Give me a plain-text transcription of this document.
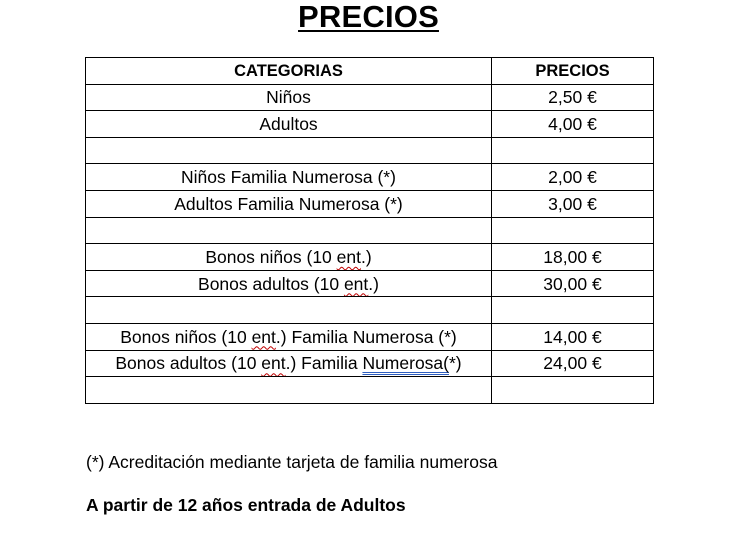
PRECIOS
CATEGORIAS	PRECIOS
Niños	2,50 €
Adultos	4,00 €

Niños Familia Numerosa (*)	2,00 €
Adultos Familia Numerosa (*)	3,00 €

Bonos niños (10 ent.)	18,00 €
Bonos adultos (10 ent.)	30,00 €

Bonos niños (10 ent.) Familia Numerosa (*)	14,00 €
Bonos adultos (10 ent.) Familia Numerosa(*)	24,00 €

(*) Acreditación mediante tarjeta de familia numerosa
A partir de 12 años entrada de Adultos
